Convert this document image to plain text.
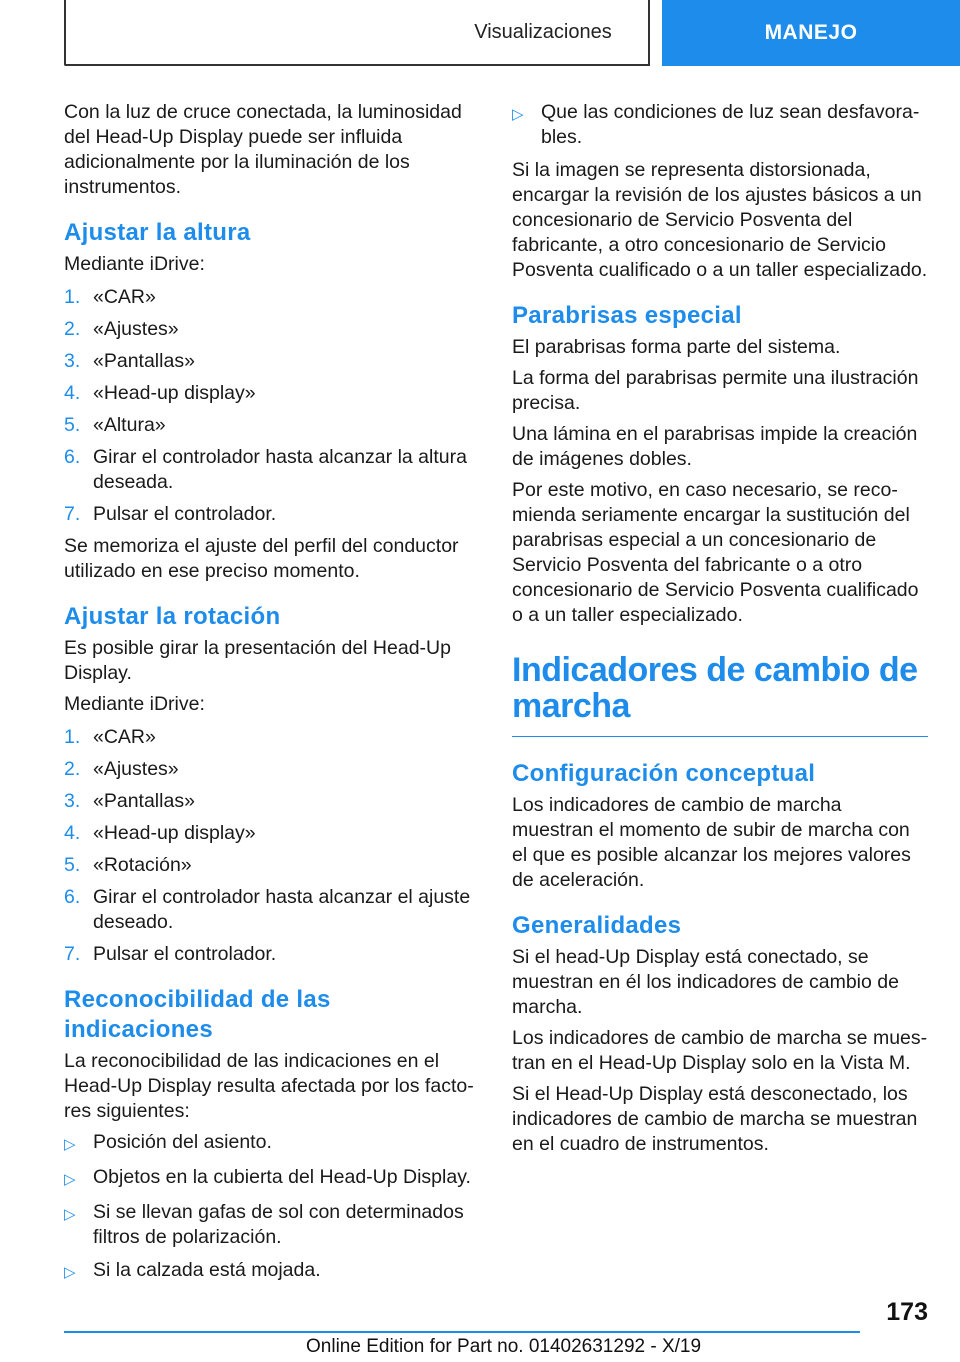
Visualizaciones	MANEJO

Con la luz de cruce conectada, la luminosidad del Head-Up Display puede ser influida adicionalmente por la iluminación de los instrumentos.

Ajustar la altura

Mediante iDrive:

1. «CAR»
2. «Ajustes»
3. «Pantallas»
4. «Head-up display»
5. «Altura»
6. Girar el controlador hasta alcanzar la altura deseada.
7. Pulsar el controlador.

Se memoriza el ajuste del perfil del conductor utilizado en ese preciso momento.

Ajustar la rotación

Es posible girar la presentación del Head-Up Display.

Mediante iDrive:

1. «CAR»
2. «Ajustes»
3. «Pantallas»
4. «Head-up display»
5. «Rotación»
6. Girar el controlador hasta alcanzar el ajuste deseado.
7. Pulsar el controlador.
Reconocibilidad de las indicaciones

La reconocibilidad de las indicaciones en el Head-Up Display resulta afectada por los factores siguientes:

▷ Posición del asiento.
▷ Objetos en la cubierta del Head-Up Display.
▷ Si se llevan gafas de sol con determinados filtros de polarización.
▷ Si la calzada está mojada.
▷ Que las condiciones de luz sean desfavorables.

Si la imagen se representa distorsionada, encargar la revisión de los ajustes básicos a un concesionario de Servicio Posventa del fabricante, a otro concesionario de Servicio Posventa cualificado o a un taller especializado.

Parabrisas especial

El parabrisas forma parte del sistema.

La forma del parabrisas permite una ilustración precisa.

Una lámina en el parabrisas impide la creación de imágenes dobles.

Por este motivo, en caso necesario, se recomienda seriamente encargar la sustitución del parabrisas especial a un concesionario de Servicio Posventa del fabricante o a otro concesionario de Servicio Posventa cualificado o a un taller especializado.

Indicadores de cambio de marcha
Configuración conceptual

Los indicadores de cambio de marcha muestran el momento de subir de marcha con el que es posible alcanzar los mejores valores de aceleración.

Generalidades

Si el head-Up Display está conectado, se muestran en él los indicadores de cambio de marcha.

Los indicadores de cambio de marcha se muestran en el Head-Up Display solo en la Vista M.

Si el Head-Up Display está desconectado, los indicadores de cambio de marcha se muestran en el cuadro de instrumentos.

173
Online Edition for Part no. 01402631292 - X/19
